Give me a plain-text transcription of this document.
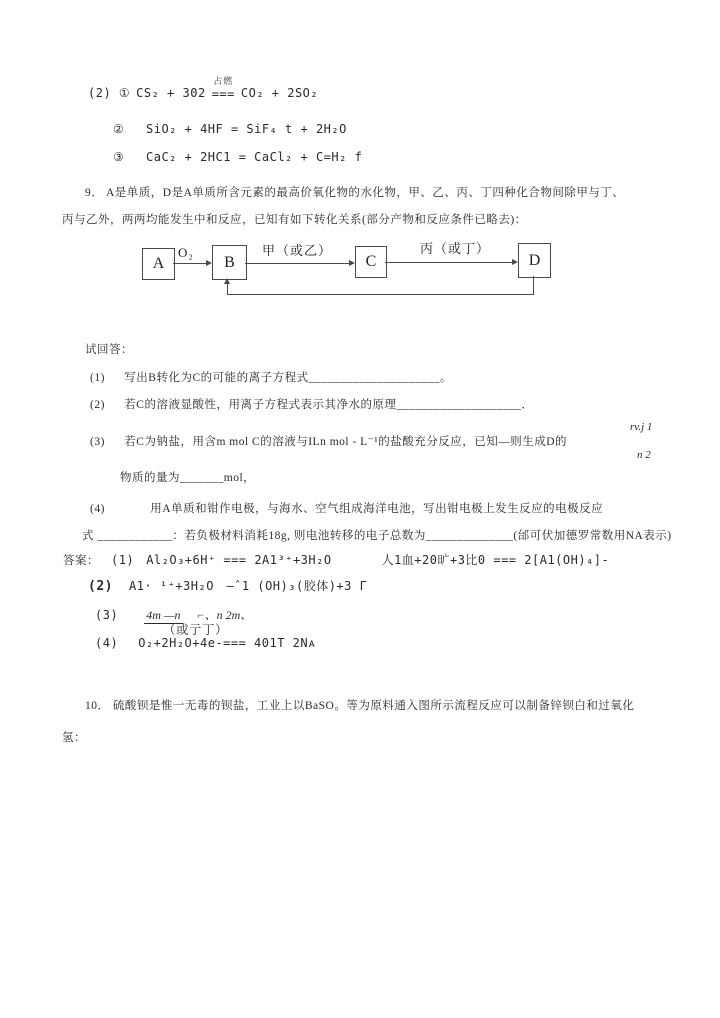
(2) ① CS₂ + 302
占燃
=== CO₂ + 2SO₂
② SiO₂ + 4HF = SiF₄ t + 2H₂O
③ CaC₂ + 2HC1 = CaCl₂ + C=H₂ f
9． A是单质，D是A单质所含元素的最高价氧化物的水化物，甲、乙、丙、丁四种化合物间除甲与丁、
丙与乙外，两两均能发生中和反应，已知有如下转化关系(部分产物和反应条件已略去)：
A	B	C	D
O₂	甲（或乙）	丙（或丁）
试回答：
(1) 写出B转化为C的可能的离子方程式_____________________。
(2) 若C的溶液显酸性，用离子方程式表示其净水的原理____________________．
rv.j 1
(3) 若C为钠盐，用含m mol C的溶液与ILn mol - L⁻¹的盐酸充分反应，已知—则生成D的
n 2
物质的量为_______mol，
(4)	用A单质和钳作电极，与海水、空气组成海洋电池，写出钳电极上发生反应的电极反应
式 ____________：若负极材料消耗18g, 则电池转移的电子总数为______________(邰可伏加德罗常数用NA表示)
答案： (1) Al₂O₃+6H⁺ === 2A1³⁺+3H₂O	人1血+20旷+3比0 === 2[A1(OH)₄]-
(2) A1· ¹⁺+3H₂O　—ˆ1 (OH)₃(胶体)+3 Γ
(3) 4m —n ⌐、n 2m、
（或亍丁）
(4) O₂+2H₂O+4e-=== 401T 2Nᴀ
10． 硫酸钡是惟一无毒的钡盐，工业上以BaSO。等为原料通入图所示流程反应可以制备锌钡白和过氧化
氢：
